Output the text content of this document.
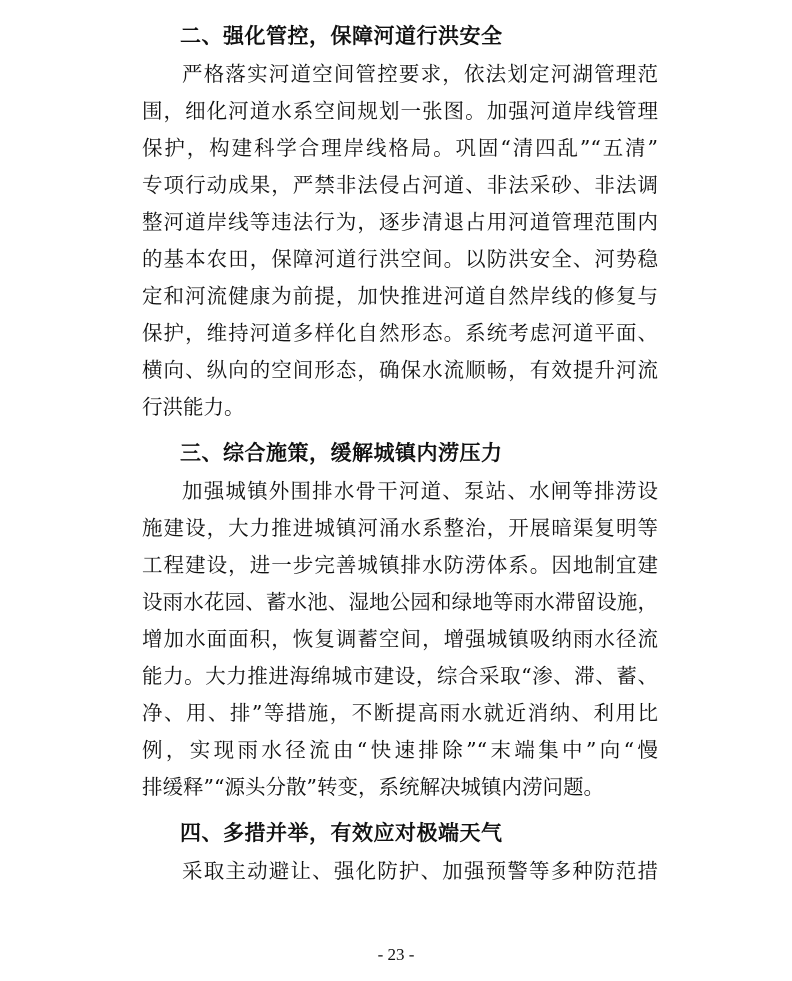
二、强化管控，保障河道行洪安全
严格落实河道空间管控要求，依法划定河湖管理范
围，细化河道水系空间规划一张图。加强河道岸线管理
保护，构建科学合理岸线格局。巩固“清四乱”“五清”
专项行动成果，严禁非法侵占河道、非法采砂、非法调
整河道岸线等违法行为，逐步清退占用河道管理范围内
的基本农田，保障河道行洪空间。以防洪安全、河势稳
定和河流健康为前提，加快推进河道自然岸线的修复与
保护，维持河道多样化自然形态。系统考虑河道平面、
横向、纵向的空间形态，确保水流顺畅，有效提升河流
行洪能力。
三、综合施策，缓解城镇内涝压力
加强城镇外围排水骨干河道、泵站、水闸等排涝设
施建设，大力推进城镇河涌水系整治，开展暗渠复明等
工程建设，进一步完善城镇排水防涝体系。因地制宜建
设雨水花园、蓄水池、湿地公园和绿地等雨水滞留设施，
增加水面面积，恢复调蓄空间，增强城镇吸纳雨水径流
能力。大力推进海绵城市建设，综合采取“渗、滞、蓄、
净、用、排”等措施，不断提高雨水就近消纳、利用比
例，实现雨水径流由“快速排除”“末端集中”向“慢
排缓释”“源头分散”转变，系统解决城镇内涝问题。
四、多措并举，有效应对极端天气
采取主动避让、强化防护、加强预警等多种防范措
- 23 -
